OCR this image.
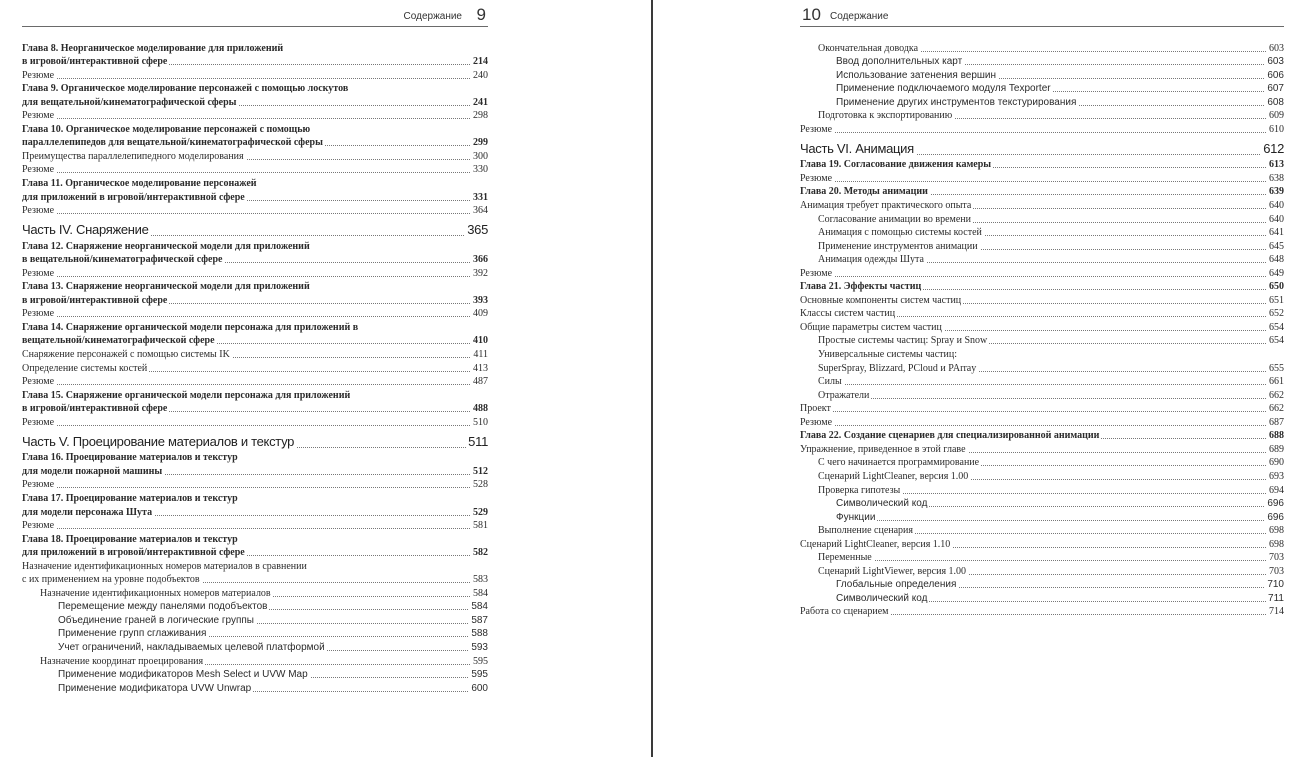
Содержание 9
Глава 8. Неорганическое моделирование для приложений
в игровой/интерактивной сфере	214
Резюме	240
Глава 9. Органическое моделирование персонажей с помощью лоскутов
для вещательной/кинематографической сферы	241
Резюме	298
Глава 10. Органическое моделирование персонажей с помощью
параллелепипедов для вещательной/кинематографической сферы	299
Преимущества параллелепипедного моделирования	300
Резюме	330
Глава 11. Органическое моделирование персонажей
для приложений в игровой/интерактивной сфере	331
Резюме	364
Часть IV. Снаряжение	365
Глава 12. Снаряжение неорганической модели для приложений
в вещательной/кинематографической сфере	366
Резюме	392
Глава 13. Снаряжение неорганической модели для приложений
в игровой/интерактивной сфере	393
Резюме	409
Глава 14. Снаряжение органической модели персонажа для приложений в
вещательной/кинематографической сфере	410
Снаряжение персонажей с помощью системы IK	411
Определение системы костей	413
Резюме	487
Глава 15. Снаряжение органической модели персонажа для приложений
в игровой/интерактивной сфере	488
Резюме	510
Часть V. Проецирование материалов и текстур	511
Глава 16. Проецирование материалов и текстур
для модели пожарной машины	512
Резюме	528
Глава 17. Проецирование материалов и текстур
для модели персонажа Шута	529
Резюме	581
Глава 18. Проецирование материалов и текстур
для приложений в игровой/интерактивной сфере	582
Назначение идентификационных номеров материалов в сравнении
с их применением на уровне подобъектов	583
Назначение идентификационных номеров материалов	584
Перемещение между панелями подобъектов	584
Объединение граней в логические группы	587
Применение групп сглаживания	588
Учет ограничений, накладываемых целевой платформой	593
Назначение координат проецирования	595
Применение модификаторов Mesh Select и UVW Map	595
Применение модификатора UVW Unwrap	600
10 Содержание
Окончательная доводка	603
Ввод дополнительных карт	603
Использование затенения вершин	606
Применение подключаемого модуля Texporter	607
Применение других инструментов текстурирования	608
Подготовка к экспортированию	609
Резюме	610
Часть VI. Анимация	612
Глава 19. Согласование движения камеры	613
Резюме	638
Глава 20. Методы анимации	639
Анимация требует практического опыта	640
Согласование анимации во времени	640
Анимация с помощью системы костей	641
Применение инструментов анимации	645
Анимация одежды Шута	648
Резюме	649
Глава 21. Эффекты частиц	650
Основные компоненты систем частиц	651
Классы систем частиц	652
Общие параметры систем частиц	654
Простые системы частиц: Spray и Snow	654
Универсальные системы частиц:
SuperSpray, Blizzard, PCloud и PArray	655
Силы	661
Отражатели	662
Проект	662
Резюме	687
Глава 22. Создание сценариев для специализированной анимации	688
Упражнение, приведенное в этой главе	689
С чего начинается программирование	690
Сценарий LightCleaner, версия 1.00	693
Проверка гипотезы	694
Символический код	696
Функции	696
Выполнение сценария	698
Сценарий LightCleaner, версия 1.10	698
Переменные	703
Сценарий LightViewer, версия 1.00	703
Глобальные определения	710
Символический код	711
Работа со сценарием	714
